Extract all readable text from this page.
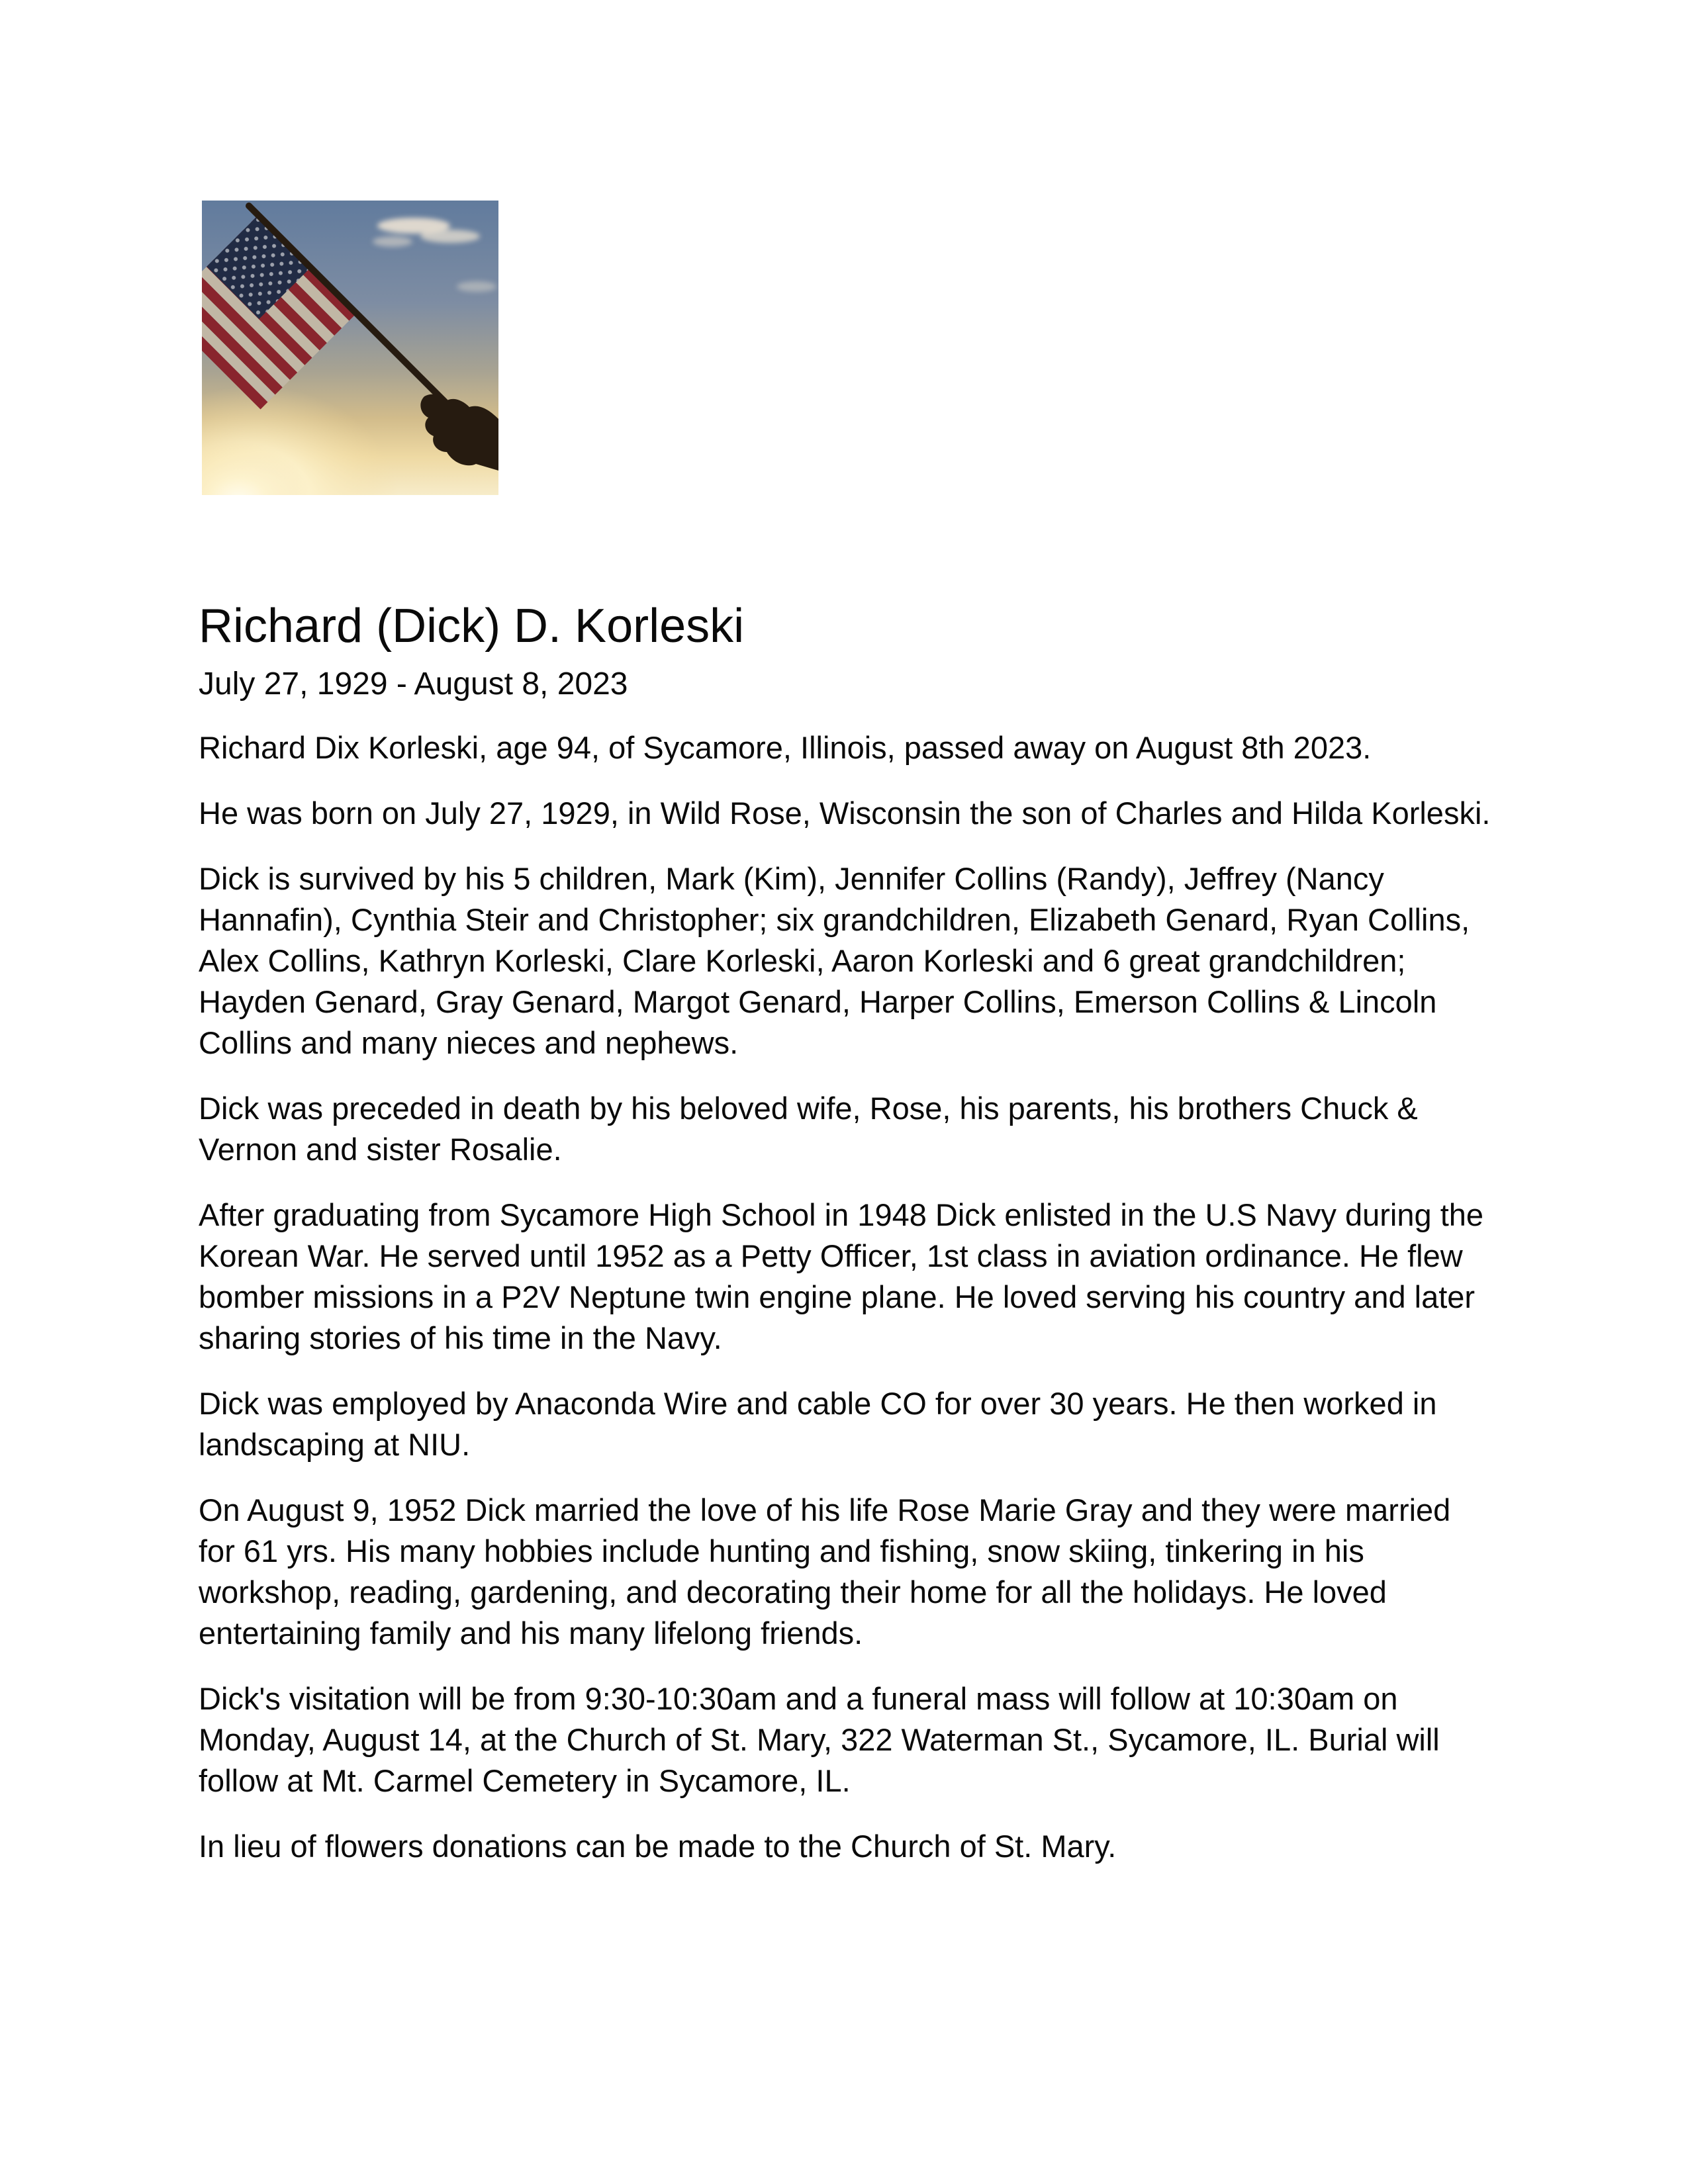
Richard (Dick) D. Korleski
July 27, 1929 - August 8, 2023

Richard Dix Korleski, age 94, of Sycamore, Illinois, passed away on August 8th 2023.

He was born on July 27, 1929, in Wild Rose, Wisconsin the son of Charles and Hilda Korleski.

Dick is survived by his 5 children, Mark (Kim), Jennifer Collins (Randy), Jeffrey (Nancy Hannafin), Cynthia Steir and Christopher; six grandchildren, Elizabeth Genard, Ryan Collins, Alex Collins, Kathryn Korleski, Clare Korleski, Aaron Korleski and 6 great grandchildren; Hayden Genard, Gray Genard, Margot Genard, Harper Collins, Emerson Collins & Lincoln Collins and many nieces and nephews.

Dick was preceded in death by his beloved wife, Rose, his parents, his brothers Chuck & Vernon and sister Rosalie.

After graduating from Sycamore High School in 1948 Dick enlisted in the U.S Navy during the Korean War. He served until 1952 as a Petty Officer, 1st class in aviation ordinance. He flew bomber missions in a P2V Neptune twin engine plane. He loved serving his country and later sharing stories of his time in the Navy.

Dick was employed by Anaconda Wire and cable CO for over 30 years. He then worked in landscaping at NIU.

On August 9, 1952 Dick married the love of his life Rose Marie Gray and they were married for 61 yrs. His many hobbies include hunting and fishing, snow skiing, tinkering in his workshop, reading, gardening, and decorating their home for all the holidays. He loved entertaining family and his many lifelong friends.

Dick's visitation will be from 9:30-10:30am and a funeral mass will follow at 10:30am on Monday, August 14, at the Church of St. Mary, 322 Waterman St., Sycamore, IL. Burial will follow at Mt. Carmel Cemetery in Sycamore, IL.

In lieu of flowers donations can be made to the Church of St. Mary.
